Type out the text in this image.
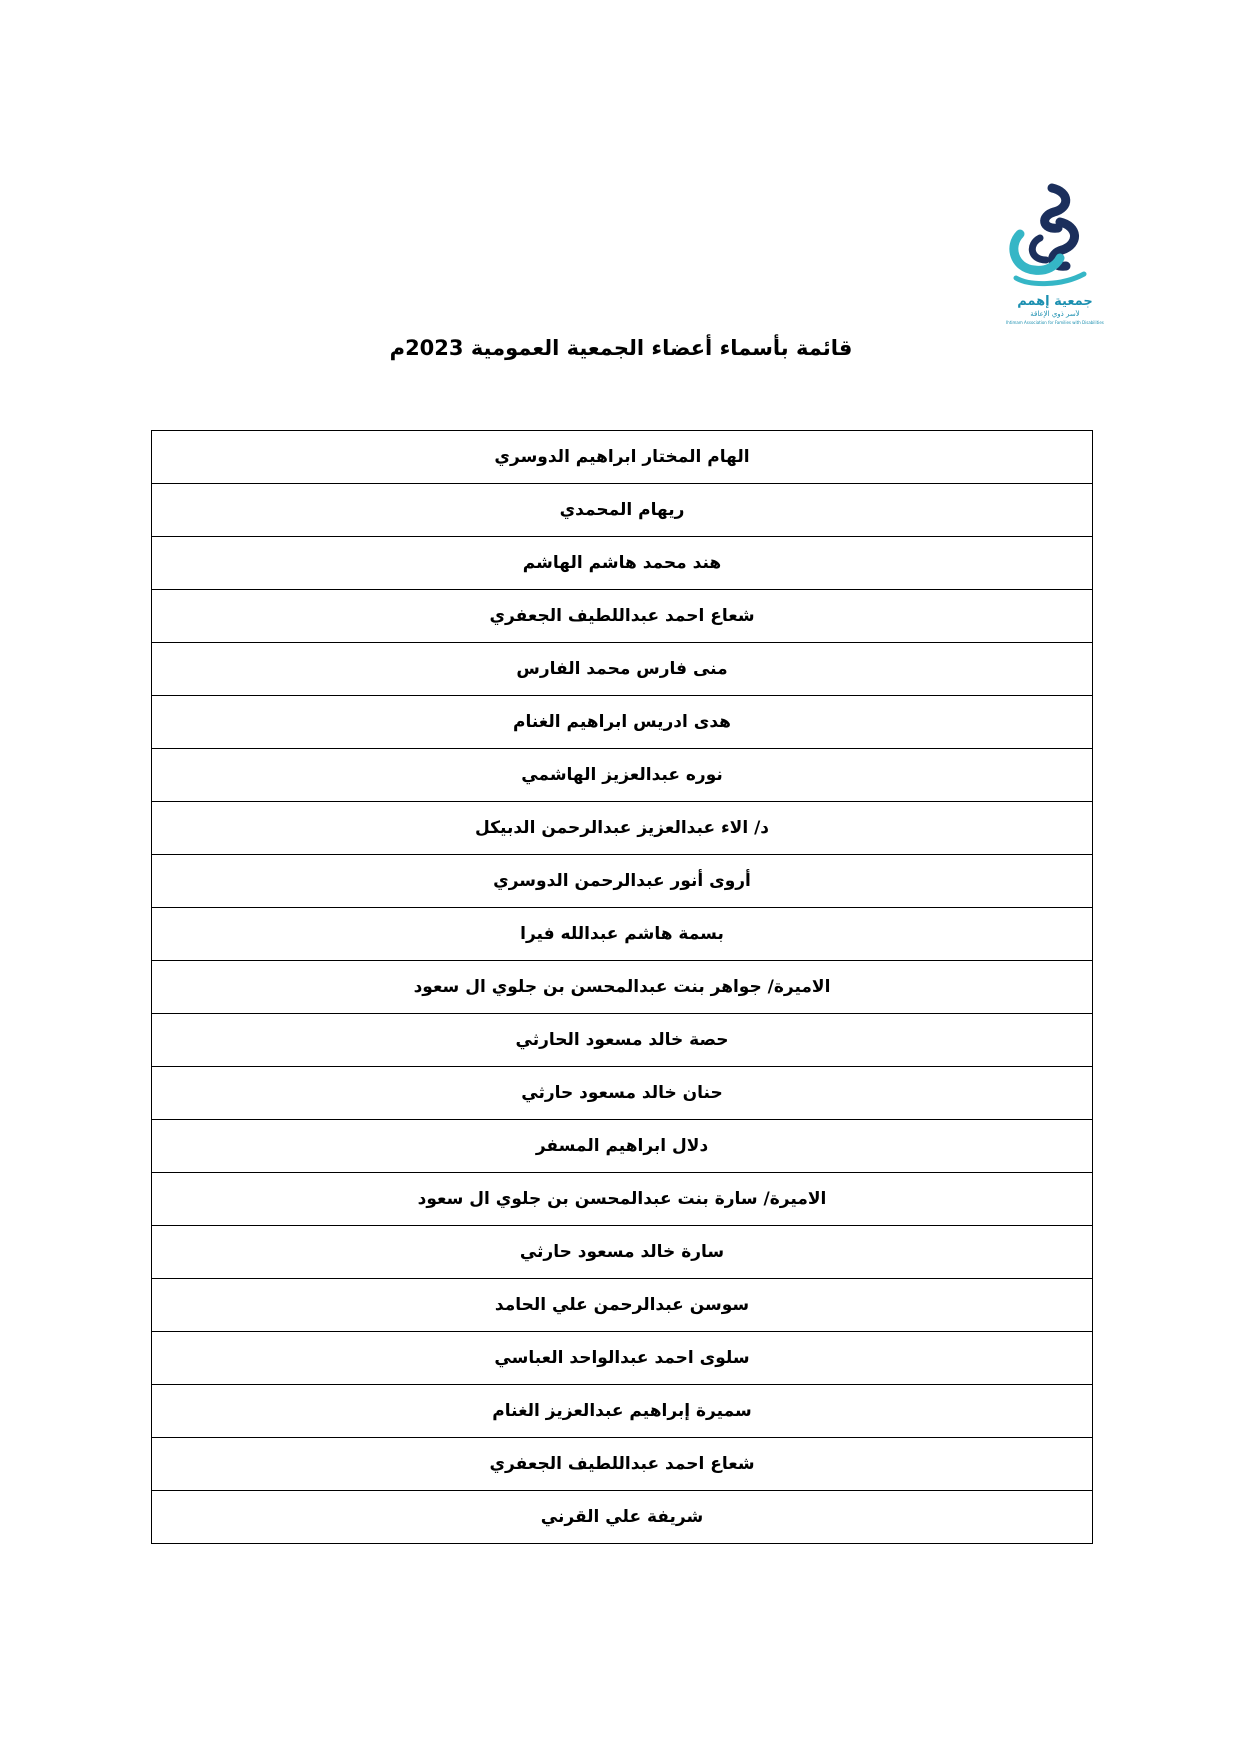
جمعية إهمم
لأسر ذوي الإعاقة
Ihtimam Association for Families with Disabilities
قائمة بأسماء أعضاء الجمعية العمومية 2023م
الهام المختار ابراهيم الدوسري
ريهام المحمدي
هند محمد هاشم الهاشم
شعاع احمد عبداللطيف الجعفري
منى فارس محمد الفارس
هدى ادريس ابراهيم الغنام
نوره عبدالعزيز الهاشمي
د/ الاء عبدالعزيز عبدالرحمن الدبيكل
أروى أنور عبدالرحمن الدوسري
بسمة هاشم عبدالله فيرا
الاميرة/ جواهر بنت عبدالمحسن بن جلوي ال سعود
حصة خالد مسعود الحارثي
حنان خالد مسعود حارثي
دلال ابراهيم المسفر
الاميرة/ سارة بنت عبدالمحسن بن جلوي ال سعود
سارة خالد مسعود حارثي
سوسن عبدالرحمن علي الحامد
سلوى احمد عبدالواحد العباسي
سميرة إبراهيم عبدالعزيز الغنام
شعاع احمد عبداللطيف الجعفري
شريفة علي القرني
